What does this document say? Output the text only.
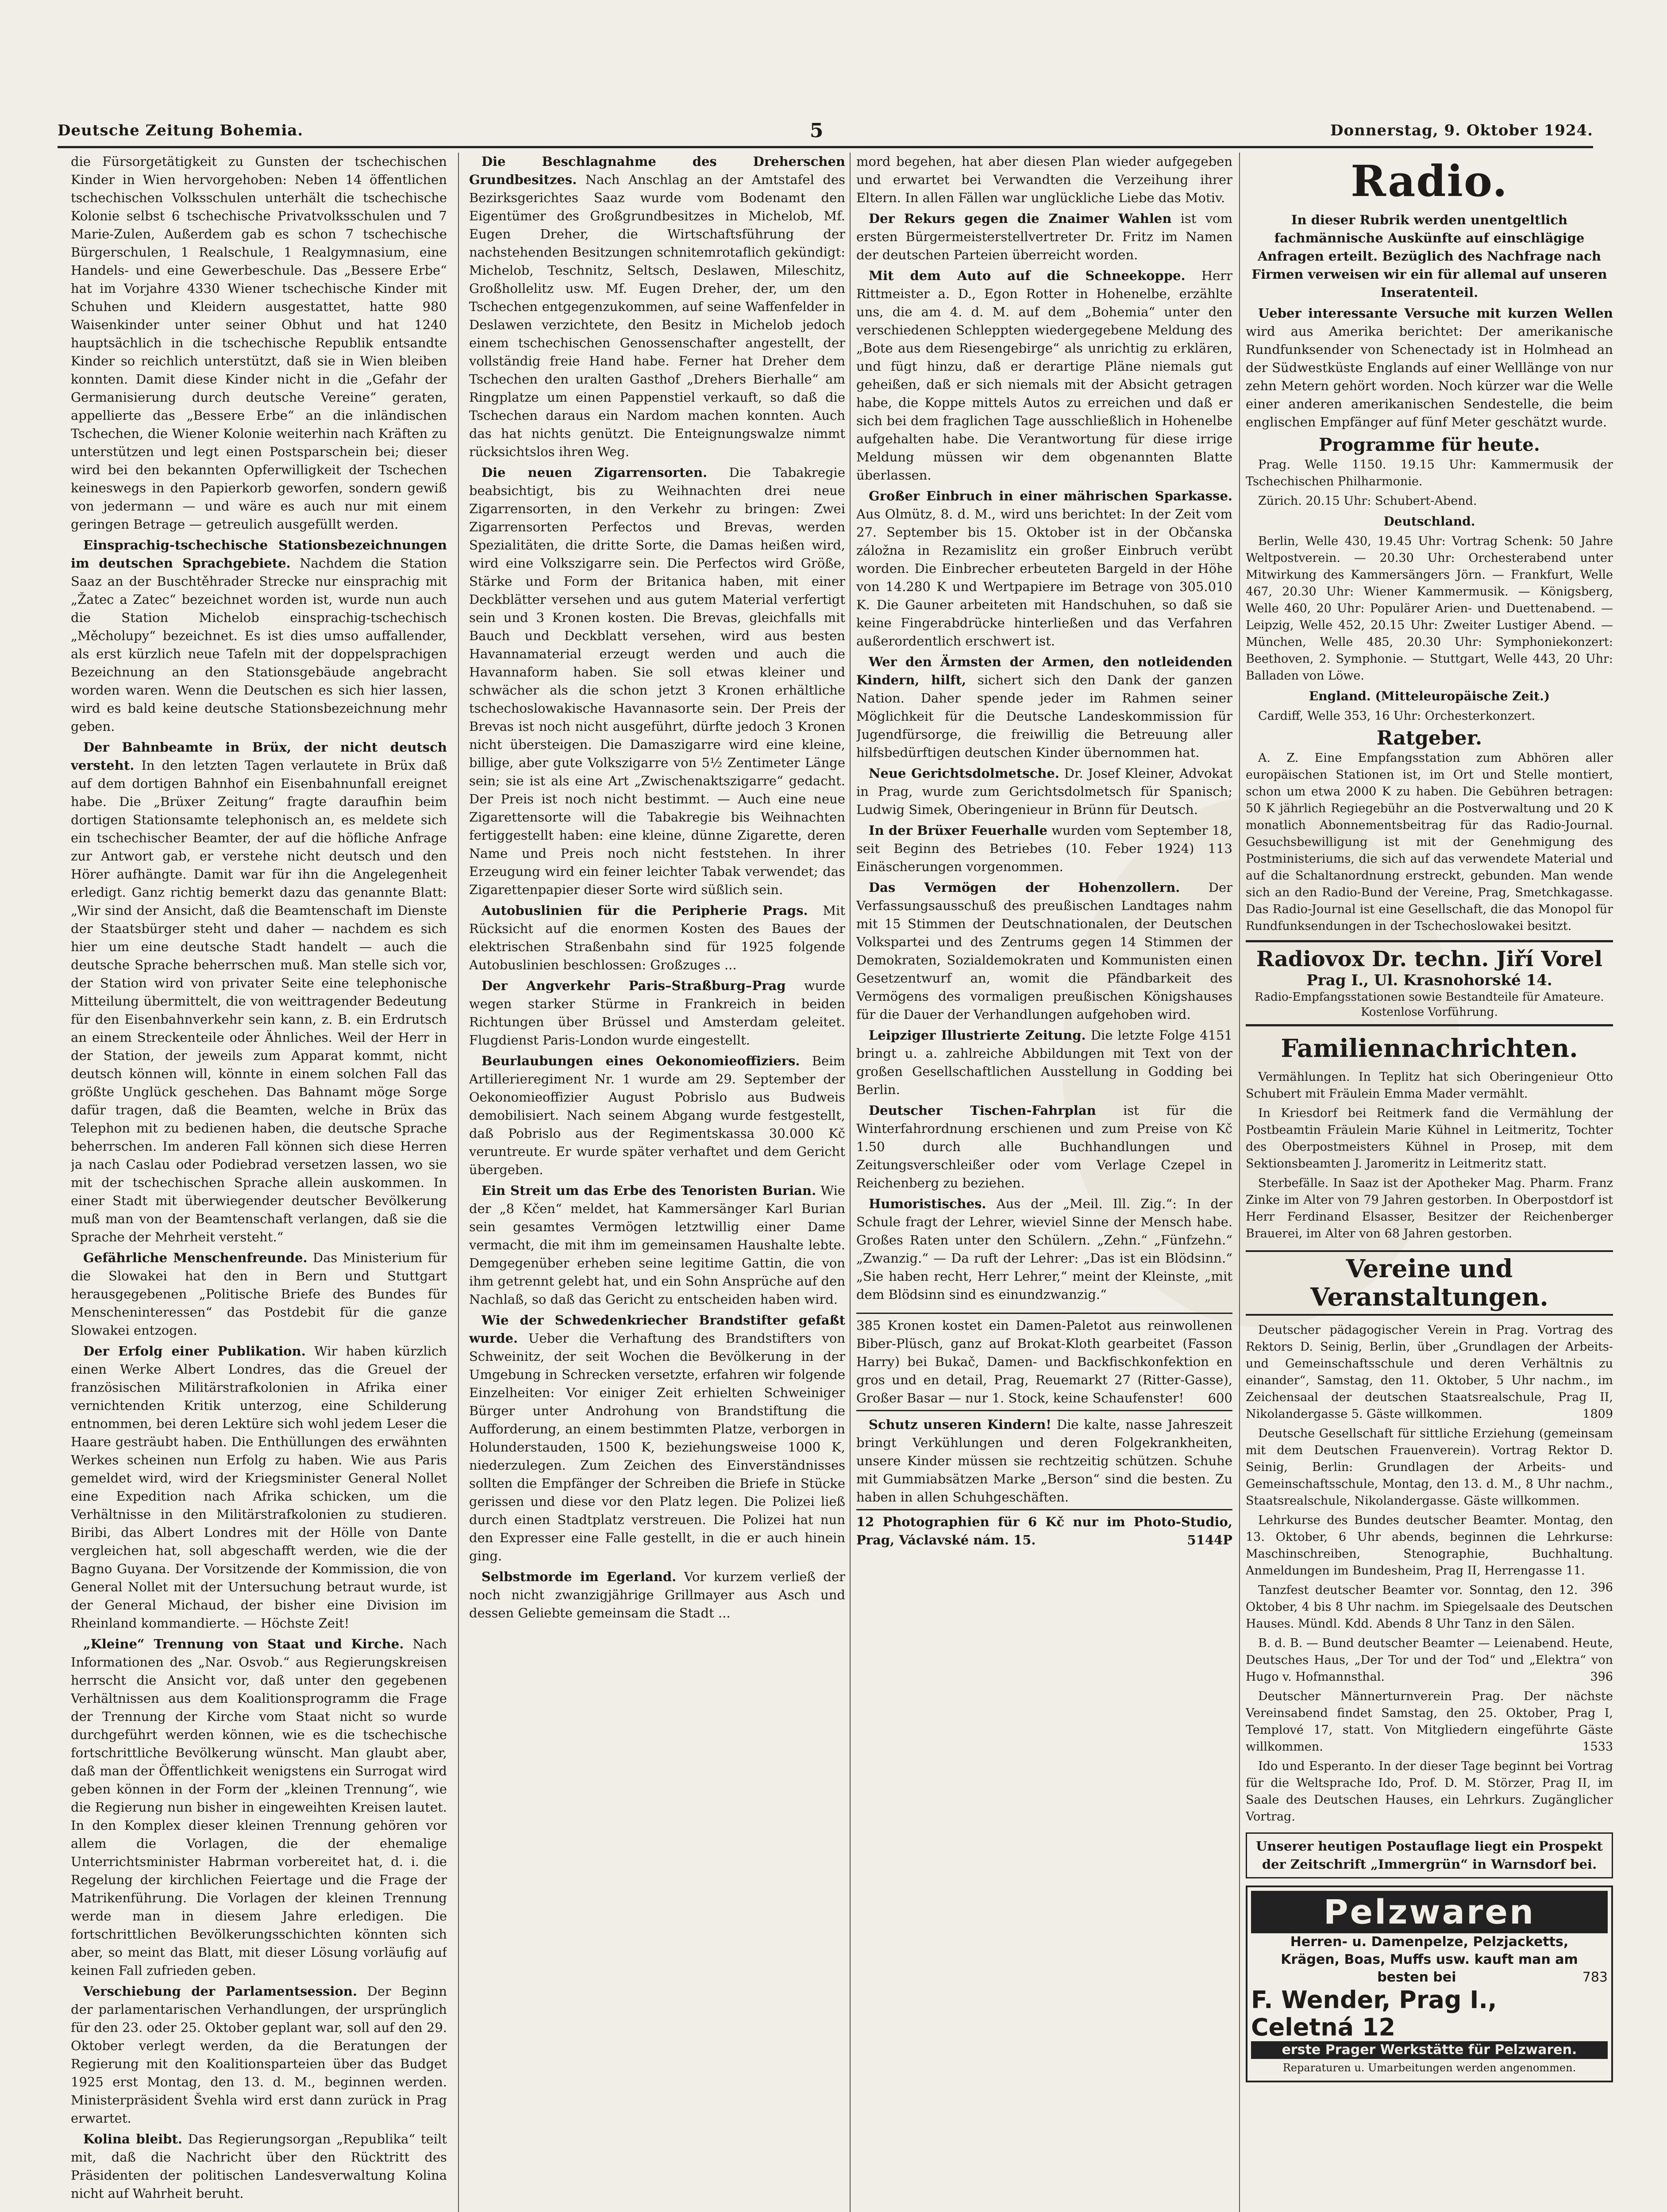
Deutsche Zeitung Bohemia.	5	Donnerstag, 9. Oktober 1924.

die Fürsorgetätigkeit zu Gunsten der tschechischen Kinder in Wien hervorgehoben: Neben 14 öffentlichen tschechischen Volksschulen unterhält die tschechische Kolonie selbst 6 tschechische Privatvolksschulen und 7 Marie-Zulen, Außerdem gab es schon 7 tschechische Bürgerschulen, 1 Realschule, 1 Realgymnasium, eine Handels- und eine Gewerbeschule. Das „Bessere Erbe“ hat im Vorjahre 4330 Wiener tschechische Kinder mit Schuhen und Kleidern ausgestattet, hatte 980 Waisenkinder unter seiner Obhut und hat 1240 hauptsächlich in die tschechische Republik entsandte Kinder so reichlich unterstützt, daß sie in Wien bleiben konnten. Damit diese Kinder nicht in die „Gefahr der Germanisierung durch deutsche Vereine“ geraten, appellierte das „Bessere Erbe“ an die inländischen Tschechen, die Wiener Kolonie weiterhin nach Kräften zu unterstützen und legt einen Postsparschein bei; dieser wird bei den bekannten Opferwilligkeit der Tschechen keineswegs in den Papierkorb geworfen, sondern gewiß von jedermann — und wäre es auch nur mit einem geringen Betrage — getreulich ausgefüllt werden.

Einsprachig-tschechische Stationsbezeichnungen im deutschen Sprachgebiete. Nachdem die Station Saaz an der Buschtěhrader Strecke nur einsprachig mit „Žatec a Zatec“ bezeichnet worden ist, wurde nun auch die Station Michelob einsprachig-tschechisch „Měcholupy“ bezeichnet. Es ist dies umso auffallender, als erst kürzlich neue Tafeln mit der doppelsprachigen Bezeichnung an den Stationsgebäude angebracht worden waren. Wenn die Deutschen es sich hier lassen, wird es bald keine deutsche Stationsbezeichnung mehr geben.

Der Bahnbeamte in Brüx, der nicht deutsch versteht. In den letzten Tagen verlautete in Brüx daß auf dem dortigen Bahnhof ein Eisenbahnunfall ereignet habe. Die „Brüxer Zeitung“ fragte daraufhin beim dortigen Stationsamte telephonisch an, es meldete sich ein tschechischer Beamter, der auf die höfliche Anfrage zur Antwort gab, er verstehe nicht deutsch und den Hörer aufhängte. Damit war für ihn die Angelegenheit erledigt. Ganz richtig bemerkt dazu das genannte Blatt: „Wir sind der Ansicht, daß die Beamtenschaft im Dienste der Staatsbürger steht und daher — nachdem es sich hier um eine deutsche Stadt handelt — auch die deutsche Sprache beherrschen muß. Man stelle sich vor, der Station wird von privater Seite eine telephonische Mitteilung übermittelt, die von weittragender Bedeutung für den Eisenbahnverkehr sein kann, z. B. ein Erdrutsch an einem Streckenteile oder Ähnliches. Weil der Herr in der Station, der jeweils zum Apparat kommt, nicht deutsch können will, könnte in einem solchen Fall das größte Unglück geschehen. Das Bahnamt möge Sorge dafür tragen, daß die Beamten, welche in Brüx das Telephon mit zu bedienen haben, die deutsche Sprache beherrschen. Im anderen Fall können sich diese Herren ja nach Caslau oder Podiebrad versetzen lassen, wo sie mit der tschechischen Sprache allein auskommen. In einer Stadt mit überwiegender deutscher Bevölkerung muß man von der Beamtenschaft verlangen, daß sie die Sprache der Mehrheit versteht.“

Gefährliche Menschenfreunde. Das Ministerium für die Slowakei hat den in Bern und Stuttgart herausgegebenen „Politische Briefe des Bundes für Menscheninteressen“ das Postdebit für die ganze Slowakei entzogen.

Der Erfolg einer Publikation. Wir haben kürzlich einen Werke Albert Londres, das die Greuel der französischen Militärstrafkolonien in Afrika einer vernichtenden Kritik unterzog, eine Schilderung entnommen, bei deren Lektüre sich wohl jedem Leser die Haare gesträubt haben. Die Enthüllungen des erwähnten Werkes scheinen nun Erfolg zu haben. Wie aus Paris gemeldet wird, wird der Kriegsminister General Nollet eine Expedition nach Afrika schicken, um die Verhältnisse in den Militärstrafkolonien zu studieren. Biribi, das Albert Londres mit der Hölle von Dante vergleichen hat, soll abgeschafft werden, wie die der Bagno Guyana. Der Vorsitzende der Kommission, die von General Nollet mit der Untersuchung betraut wurde, ist der General Michaud, der bisher eine Division im Rheinland kommandierte. — Höchste Zeit!

„Kleine“ Trennung von Staat und Kirche. Nach Informationen des „Nar. Osvob.“ aus Regierungskreisen herrscht die Ansicht vor, daß unter den gegebenen Verhältnissen aus dem Koalitionsprogramm die Frage der Trennung der Kirche vom Staat nicht so wurde durchgeführt werden können, wie es die tschechische fortschrittliche Bevölkerung wünscht. Man glaubt aber, daß man der Öffentlichkeit wenigstens ein Surrogat wird geben können in der Form der „kleinen Trennung“, wie die Regierung nun bisher in eingeweihten Kreisen lautet. In den Komplex dieser kleinen Trennung gehören vor allem die Vorlagen, die der ehemalige Unterrichtsminister Habrman vorbereitet hat, d. i. die Regelung der kirchlichen Feiertage und die Frage der Matrikenführung. Die Vorlagen der kleinen Trennung werde man in diesem Jahre erledigen. Die fortschrittlichen Bevölkerungsschichten könnten sich aber, so meint das Blatt, mit dieser Lösung vorläufig auf keinen Fall zufrieden geben.

Verschiebung der Parlamentsession. Der Beginn der parlamentarischen Verhandlungen, der ursprünglich für den 23. oder 25. Oktober geplant war, soll auf den 29. Oktober verlegt werden, da die Beratungen der Regierung mit den Koalitionsparteien über das Budget 1925 erst Montag, den 13. d. M., beginnen werden. Ministerpräsident Švehla wird erst dann zurück in Prag erwartet.

Kolina bleibt. Das Regierungsorgan „Republika“ teilt mit, daß die Nachricht über den Rücktritt des Präsidenten der politischen Landesverwaltung Kolina nicht auf Wahrheit beruht.

Die Beschlagnahme des Dreherschen Grundbesitzes. Nach Anschlag an der Amtstafel des Bezirksgerichtes Saaz wurde vom Bodenamt den Eigentümer des Großgrundbesitzes in Michelob, Mf. Eugen Dreher, die Wirtschaftsführung der nachstehenden Besitzungen schnitemrotaflich gekündigt: Michelob, Teschnitz, Seltsch, Deslawen, Mileschitz, Großhollelitz usw. Mf. Eugen Dreher, der, um den Tschechen entgegenzukommen, auf seine Waffenfelder in Deslawen verzichtete, den Besitz in Michelob jedoch einem tschechischen Genossenschafter angestellt, der vollständig freie Hand habe. Ferner hat Dreher dem Tschechen den uralten Gasthof „Drehers Bierhalle“ am Ringplatze um einen Pappenstiel verkauft, so daß die Tschechen daraus ein Nardom machen konnten. Auch das hat nichts genützt. Die Enteignungswalze nimmt rücksichtslos ihren Weg.

Die neuen Zigarrensorten. Die Tabakregie beabsichtigt, bis zu Weihnachten drei neue Zigarrensorten, in den Verkehr zu bringen: Zwei Zigarrensorten Perfectos und Brevas, werden Spezialitäten, die dritte Sorte, die Damas heißen wird, wird eine Volkszigarre sein. Die Perfectos wird Größe, Stärke und Form der Britanica haben, mit einer Deckblätter versehen und aus gutem Material verfertigt sein und 3 Kronen kosten. Die Brevas, gleichfalls mit Bauch und Deckblatt versehen, wird aus besten Havannamaterial erzeugt werden und auch die Havannaform haben. Sie soll etwas kleiner und schwächer als die schon jetzt 3 Kronen erhältliche tschechoslowakische Havannasorte sein. Der Preis der Brevas ist noch nicht ausgeführt, dürfte jedoch 3 Kronen nicht übersteigen. Die Damaszigarre wird eine kleine, billige, aber gute Volkszigarre von 5½ Zentimeter Länge sein; sie ist als eine Art „Zwischenaktszigarre“ gedacht. Der Preis ist noch nicht bestimmt. — Auch eine neue Zigarettensorte will die Tabakregie bis Weihnachten fertiggestellt haben: eine kleine, dünne Zigarette, deren Name und Preis noch nicht feststehen. In ihrer Erzeugung wird ein feiner leichter Tabak verwendet; das Zigarettenpapier dieser Sorte wird süßlich sein.

Autobuslinien für die Peripherie Prags. Mit Rücksicht auf die enormen Kosten des Baues der elektrischen Straßenbahn sind für 1925 folgende Autobuslinien beschlossen: Großzuges ...

Der Angverkehr Paris–Straßburg–Prag wurde wegen starker Stürme in Frankreich in beiden Richtungen über Brüssel und Amsterdam geleitet. Flugdienst Paris-London wurde eingestellt.

Beurlaubungen eines Oekonomieoffiziers. Beim Artillerieregiment Nr. 1 wurde am 29. September der Oekonomieoffizier August Pobrislo aus Budweis demobilisiert. Nach seinem Abgang wurde festgestellt, daß Pobrislo aus der Regimentskassa 30.000 Kč veruntreute. Er wurde später verhaftet und dem Gericht übergeben.

Ein Streit um das Erbe des Tenoristen Burian. Wie der „8 Kčen“ meldet, hat Kammersänger Karl Burian sein gesamtes Vermögen letztwillig einer Dame vermacht, die mit ihm im gemeinsamen Haushalte lebte. Demgegenüber erheben seine legitime Gattin, die von ihm getrennt gelebt hat, und ein Sohn Ansprüche auf den Nachlaß, so daß das Gericht zu entscheiden haben wird.

Wie der Schwedenkriecher Brandstifter gefaßt wurde. Ueber die Verhaftung des Brandstifters von Schweinitz, der seit Wochen die Bevölkerung in der Umgebung in Schrecken versetzte, erfahren wir folgende Einzelheiten: Vor einiger Zeit erhielten Schweiniger Bürger unter Androhung von Brandstiftung die Aufforderung, an einem bestimmten Platze, verborgen in Holunderstauden, 1500 K, beziehungsweise 1000 K, niederzulegen. Zum Zeichen des Einverständnisses sollten die Empfänger der Schreiben die Briefe in Stücke gerissen und diese vor den Platz legen. Die Polizei ließ durch einen Stadtplatz verstreuen. Die Polizei hat nun den Expresser eine Falle gestellt, in die er auch hinein ging.

Selbstmorde im Egerland. Vor kurzem verließ der noch nicht zwanzigjährige Grillmayer aus Asch und dessen Geliebte gemeinsam die Stadt ...

mord begehen, hat aber diesen Plan wieder aufgegeben und erwartet bei Verwandten die Verzeihung ihrer Eltern. In allen Fällen war unglückliche Liebe das Motiv.

Der Rekurs gegen die Znaimer Wahlen ist vom ersten Bürgermeisterstellvertreter Dr. Fritz im Namen der deutschen Parteien überreicht worden.

Mit dem Auto auf die Schneekoppe. Herr Rittmeister a. D., Egon Rotter in Hohenelbe, erzählte uns, die am 4. d. M. auf dem „Bohemia“ unter den verschiedenen Schleppten wiedergegebene Meldung des „Bote aus dem Riesengebirge“ als unrichtig zu erklären, und fügt hinzu, daß er derartige Pläne niemals gut geheißen, daß er sich niemals mit der Absicht getragen habe, die Koppe mittels Autos zu erreichen und daß er sich bei dem fraglichen Tage ausschließlich in Hohenelbe aufgehalten habe. Die Verantwortung für diese irrige Meldung müssen wir dem obgenannten Blatte überlassen.

Großer Einbruch in einer mährischen Sparkasse. Aus Olmütz, 8. d. M., wird uns berichtet: In der Zeit vom 27. September bis 15. Oktober ist in der Občanska záložna in Rezamislitz ein großer Einbruch verübt worden. Die Einbrecher erbeuteten Bargeld in der Höhe von 14.280 K und Wertpapiere im Betrage von 305.010 K. Die Gauner arbeiteten mit Handschuhen, so daß sie keine Fingerabdrücke hinterließen und das Verfahren außerordentlich erschwert ist.

Wer den Ärmsten der Armen, den notleidenden Kindern, hilft, sichert sich den Dank der ganzen Nation. Daher spende jeder im Rahmen seiner Möglichkeit für die Deutsche Landeskommission für Jugendfürsorge, die freiwillig die Betreuung aller hilfsbedürftigen deutschen Kinder übernommen hat.

Neue Gerichtsdolmetsche. Dr. Josef Kleiner, Advokat in Prag, wurde zum Gerichtsdolmetsch für Spanisch; Ludwig Simek, Oberingenieur in Brünn für Deutsch.

In der Brüxer Feuerhalle wurden vom September 18, seit Beginn des Betriebes (10. Feber 1924) 113 Einäscherungen vorgenommen.

Das Vermögen der Hohenzollern. Der Verfassungsausschuß des preußischen Landtages nahm mit 15 Stimmen der Deutschnationalen, der Deutschen Volkspartei und des Zentrums gegen 14 Stimmen der Demokraten, Sozialdemokraten und Kommunisten einen Gesetzentwurf an, womit die Pfändbarkeit des Vermögens des vormaligen preußischen Königshauses für die Dauer der Verhandlungen aufgehoben wird.

Leipziger Illustrierte Zeitung. Die letzte Folge 4151 bringt u. a. zahlreiche Abbildungen mit Text von der großen Gesellschaftlichen Ausstellung in Godding bei Berlin.

Deutscher Tischen-Fahrplan ist für die Winterfahrordnung erschienen und zum Preise von Kč 1.50 durch alle Buchhandlungen und Zeitungsverschleißer oder vom Verlage Czepel in Reichenberg zu beziehen.

Humoristisches. Aus der „Meil. Ill. Zig.“: In der Schule fragt der Lehrer, wieviel Sinne der Mensch habe. Großes Raten unter den Schülern. „Zehn.“ „Fünfzehn.“ „Zwanzig.“ — Da ruft der Lehrer: „Das ist ein Blödsinn.“ „Sie haben recht, Herr Lehrer,“ meint der Kleinste, „mit dem Blödsinn sind es einundzwanzig.“

385 Kronen kostet ein Damen-Paletot aus reinwollenen Biber-Plüsch, ganz auf Brokat-Kloth gearbeitet (Fasson Harry) bei Bukač, Damen- und Backfischkonfektion en gros und en detail, Prag, Reuemarkt 27 (Ritter-Gasse), Großer Basar — nur 1. Stock, keine Schaufenster! 600

Schutz unseren Kindern! Die kalte, nasse Jahreszeit bringt Verkühlungen und deren Folgekrankheiten, unsere Kinder müssen sie rechtzeitig schützen. Schuhe mit Gummiabsätzen Marke „Berson“ sind die besten. Zu haben in allen Schuhgeschäften.

12 Photographien für 6 Kč nur im Photo-Studio, Prag, Václavské nám. 15.	5144P
Radio.

In dieser Rubrik werden unentgeltlich fachmännische Auskünfte auf einschlägige Anfragen erteilt. Bezüglich des Nachfrage nach Firmen verweisen wir ein für allemal auf unseren Inseratenteil.

Ueber interessante Versuche mit kurzen Wellen wird aus Amerika berichtet: Der amerikanische Rundfunksender von Schenectady ist in Holmhead an der Südwestküste Englands auf einer Welllänge von nur zehn Metern gehört worden. Noch kürzer war die Welle einer anderen amerikanischen Sendestelle, die beim englischen Empfänger auf fünf Meter geschätzt wurde.

Programme für heute.

Prag. Welle 1150. 19.15 Uhr: Kammermusik der Tschechischen Philharmonie.

Zürich. 20.15 Uhr: Schubert-Abend.

Deutschland.

Berlin, Welle 430, 19.45 Uhr: Vortrag Schenk: 50 Jahre Weltpostverein. — 20.30 Uhr: Orchesterabend unter Mitwirkung des Kammersängers Jörn. — Frankfurt, Welle 467, 20.30 Uhr: Wiener Kammermusik. — Königsberg, Welle 460, 20 Uhr: Populärer Arien- und Duettenabend. — Leipzig, Welle 452, 20.15 Uhr: Zweiter Lustiger Abend. — München, Welle 485, 20.30 Uhr: Symphoniekonzert: Beethoven, 2. Symphonie. — Stuttgart, Welle 443, 20 Uhr: Balladen von Löwe.

England. (Mitteleuropäische Zeit.)

Cardiff, Welle 353, 16 Uhr: Orchesterkonzert.

Ratgeber.

A. Z. Eine Empfangsstation zum Abhören aller europäischen Stationen ist, im Ort und Stelle montiert, schon um etwa 2000 K zu haben. Die Gebühren betragen: 50 K jährlich Regiegebühr an die Postverwaltung und 20 K monatlich Abonnementsbeitrag für das Radio-Journal. Gesuchsbewilligung ist mit der Genehmigung des Postministeriums, die sich auf das verwendete Material und auf die Schaltanordnung erstreckt, gebunden. Man wende sich an den Radio-Bund der Vereine, Prag, Smetchkagasse. Das Radio-Journal ist eine Gesellschaft, die das Monopol für Rundfunksendungen in der Tschechoslowakei besitzt.

Radiovox Dr. techn. Jiří Vorel
Prag I., Ul. Krasnohorské 14.
Radio-Empfangsstationen sowie Bestandteile für Amateure. Kostenlose Vorführung.
Familiennachrichten.

Vermählungen. In Teplitz hat sich Oberingenieur Otto Schubert mit Fräulein Emma Mader vermählt.

In Kriesdorf bei Reitmerk fand die Vermählung der Postbeamtin Fräulein Marie Kühnel in Leitmeritz, Tochter des Oberpostmeisters Kühnel in Prosep, mit dem Sektionsbeamten J. Jaromeritz in Leitmeritz statt.

Sterbefälle. In Saaz ist der Apotheker Mag. Pharm. Franz Zinke im Alter von 79 Jahren gestorben. In Oberpostdorf ist Herr Ferdinand Elsasser, Besitzer der Reichenberger Brauerei, im Alter von 68 Jahren gestorben.

Vereine und Veranstaltungen.

Deutscher pädagogischer Verein in Prag. Vortrag des Rektors D. Seinig, Berlin, über „Grundlagen der Arbeits- und Gemeinschaftsschule und deren Verhältnis zu einander“, Samstag, den 11. Oktober, 5 Uhr nachm., im Zeichensaal der deutschen Staatsrealschule, Prag II, Nikolandergasse 5. Gäste willkommen.	1809

Deutsche Gesellschaft für sittliche Erziehung (gemeinsam mit dem Deutschen Frauenverein). Vortrag Rektor D. Seinig, Berlin: Grundlagen der Arbeits- und Gemeinschaftsschule, Montag, den 13. d. M., 8 Uhr nachm., Staatsrealschule, Nikolandergasse. Gäste willkommen.

Lehrkurse des Bundes deutscher Beamter. Montag, den 13. Oktober, 6 Uhr abends, beginnen die Lehrkurse: Maschinschreiben, Stenographie, Buchhaltung. Anmeldungen im Bundesheim, Prag II, Herrengasse 11.
396

Tanzfest deutscher Beamter vor. Sonntag, den 12. Oktober, 4 bis 8 Uhr nachm. im Spiegelsaale des Deutschen Hauses. Mündl. Kdd. Abends 8 Uhr Tanz in den Sälen.

B. d. B. — Bund deutscher Beamter — Leienabend. Heute, Deutsches Haus, „Der Tor und der Tod“ und „Elektra“ von Hugo v. Hofmannsthal.	396

Deutscher Männerturnverein Prag. Der nächste Vereinsabend findet Samstag, den 25. Oktober, Prag I, Templové 17, statt. Von Mitgliedern eingeführte Gäste willkommen.	1533

Ido und Esperanto. In der dieser Tage beginnt bei Vortrag für die Weltsprache Ido, Prof. D. M. Störzer, Prag II, im Saale des Deutschen Hauses, ein Lehrkurs. Zugänglicher Vortrag.

Unserer heutigen Postauflage liegt ein Prospekt der Zeitschrift „Immergrün“ in Warnsdorf bei.
Pelzwaren
Herren- u. Damenpelze, Pelzjacketts,
Krägen, Boas, Muffs usw. kauft man am
besten bei	783
F. Wender, Prag I., Celetná 12
erste Prager Werkstätte für Pelzwaren.
Reparaturen u. Umarbeitungen werden angenommen.
